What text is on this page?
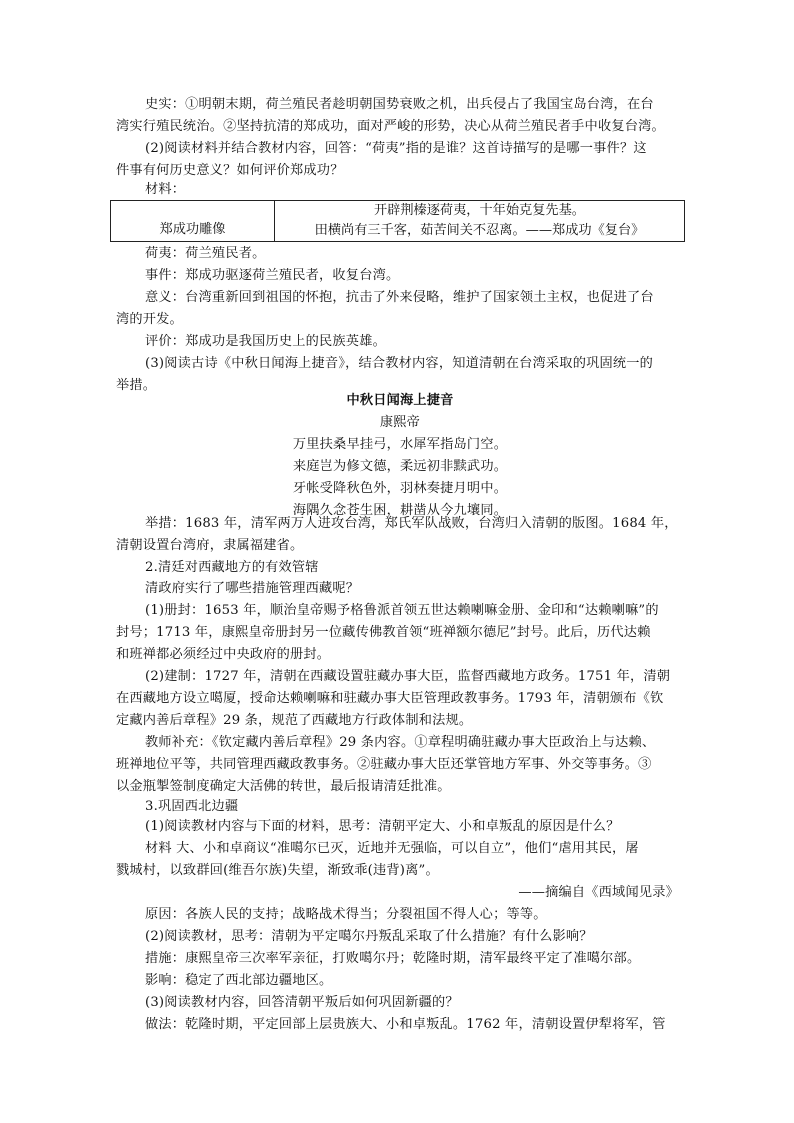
史实：①明朝末期，荷兰殖民者趁明朝国势衰败之机，出兵侵占了我国宝岛台湾，在台
湾实行殖民统治。②坚持抗清的郑成功，面对严峻的形势，决心从荷兰殖民者手中收复台湾。
(2)阅读材料并结合教材内容，回答：“荷夷”指的是谁？这首诗描写的是哪一事件？这
件事有何历史意义？如何评价郑成功？
材料：
郑成功雕像
开辟荆榛逐荷夷，十年始克复先基。
田横尚有三千客，茹苦间关不忍离。——郑成功《复台》
荷夷：荷兰殖民者。
事件：郑成功驱逐荷兰殖民者，收复台湾。
意义：台湾重新回到祖国的怀抱，抗击了外来侵略，维护了国家领土主权，也促进了台
湾的开发。
评价：郑成功是我国历史上的民族英雄。
(3)阅读古诗《中秋日闻海上捷音》，结合教材内容，知道清朝在台湾采取的巩固统一的
举措。
中秋日闻海上捷音
康熙帝
万里扶桑早挂弓，水犀军指岛门空。
来庭岂为修文德，柔远初非黩武功。
牙帐受降秋色外，羽林奏捷月明中。
海隅久念苍生困，耕凿从今九壤同。
举措：1683 年，清军两万人进攻台湾，郑氏军队战败，台湾归入清朝的版图。1684 年，
清朝设置台湾府，隶属福建省。
2.清廷对西藏地方的有效管辖
清政府实行了哪些措施管理西藏呢？
(1)册封：1653 年，顺治皇帝赐予格鲁派首领五世达赖喇嘛金册、金印和“达赖喇嘛”的
封号；1713 年，康熙皇帝册封另一位藏传佛教首领“班禅额尔德尼”封号。此后，历代达赖
和班禅都必须经过中央政府的册封。
(2)建制：1727 年，清朝在西藏设置驻藏办事大臣，监督西藏地方政务。1751 年，清朝
在西藏地方设立噶厦，授命达赖喇嘛和驻藏办事大臣管理政教事务。1793 年，清朝颁布《钦
定藏内善后章程》29 条，规范了西藏地方行政体制和法规。
教师补充：《钦定藏内善后章程》29 条内容。①章程明确驻藏办事大臣政治上与达赖、
班禅地位平等，共同管理西藏政教事务。②驻藏办事大臣还掌管地方军事、外交等事务。③
以金瓶掣签制度确定大活佛的转世，最后报请清廷批准。
3.巩固西北边疆
(1)阅读教材内容与下面的材料，思考：清朝平定大、小和卓叛乱的原因是什么？
材料 大、小和卓商议“准噶尔已灭，近地并无强临，可以自立”，他们“虐用其民，屠
戮城村，以致群回(维吾尔族)失望，渐致乖(违背)离”。
——摘编自《西域闻见录》
原因：各族人民的支持；战略战术得当；分裂祖国不得人心；等等。
(2)阅读教材，思考：清朝为平定噶尔丹叛乱采取了什么措施？有什么影响？
措施：康熙皇帝三次率军亲征，打败噶尔丹；乾隆时期，清军最终平定了准噶尔部。
影响：稳定了西北部边疆地区。
(3)阅读教材内容，回答清朝平叛后如何巩固新疆的？
做法：乾隆时期，平定回部上层贵族大、小和卓叛乱。1762 年，清朝设置伊犁将军，管
